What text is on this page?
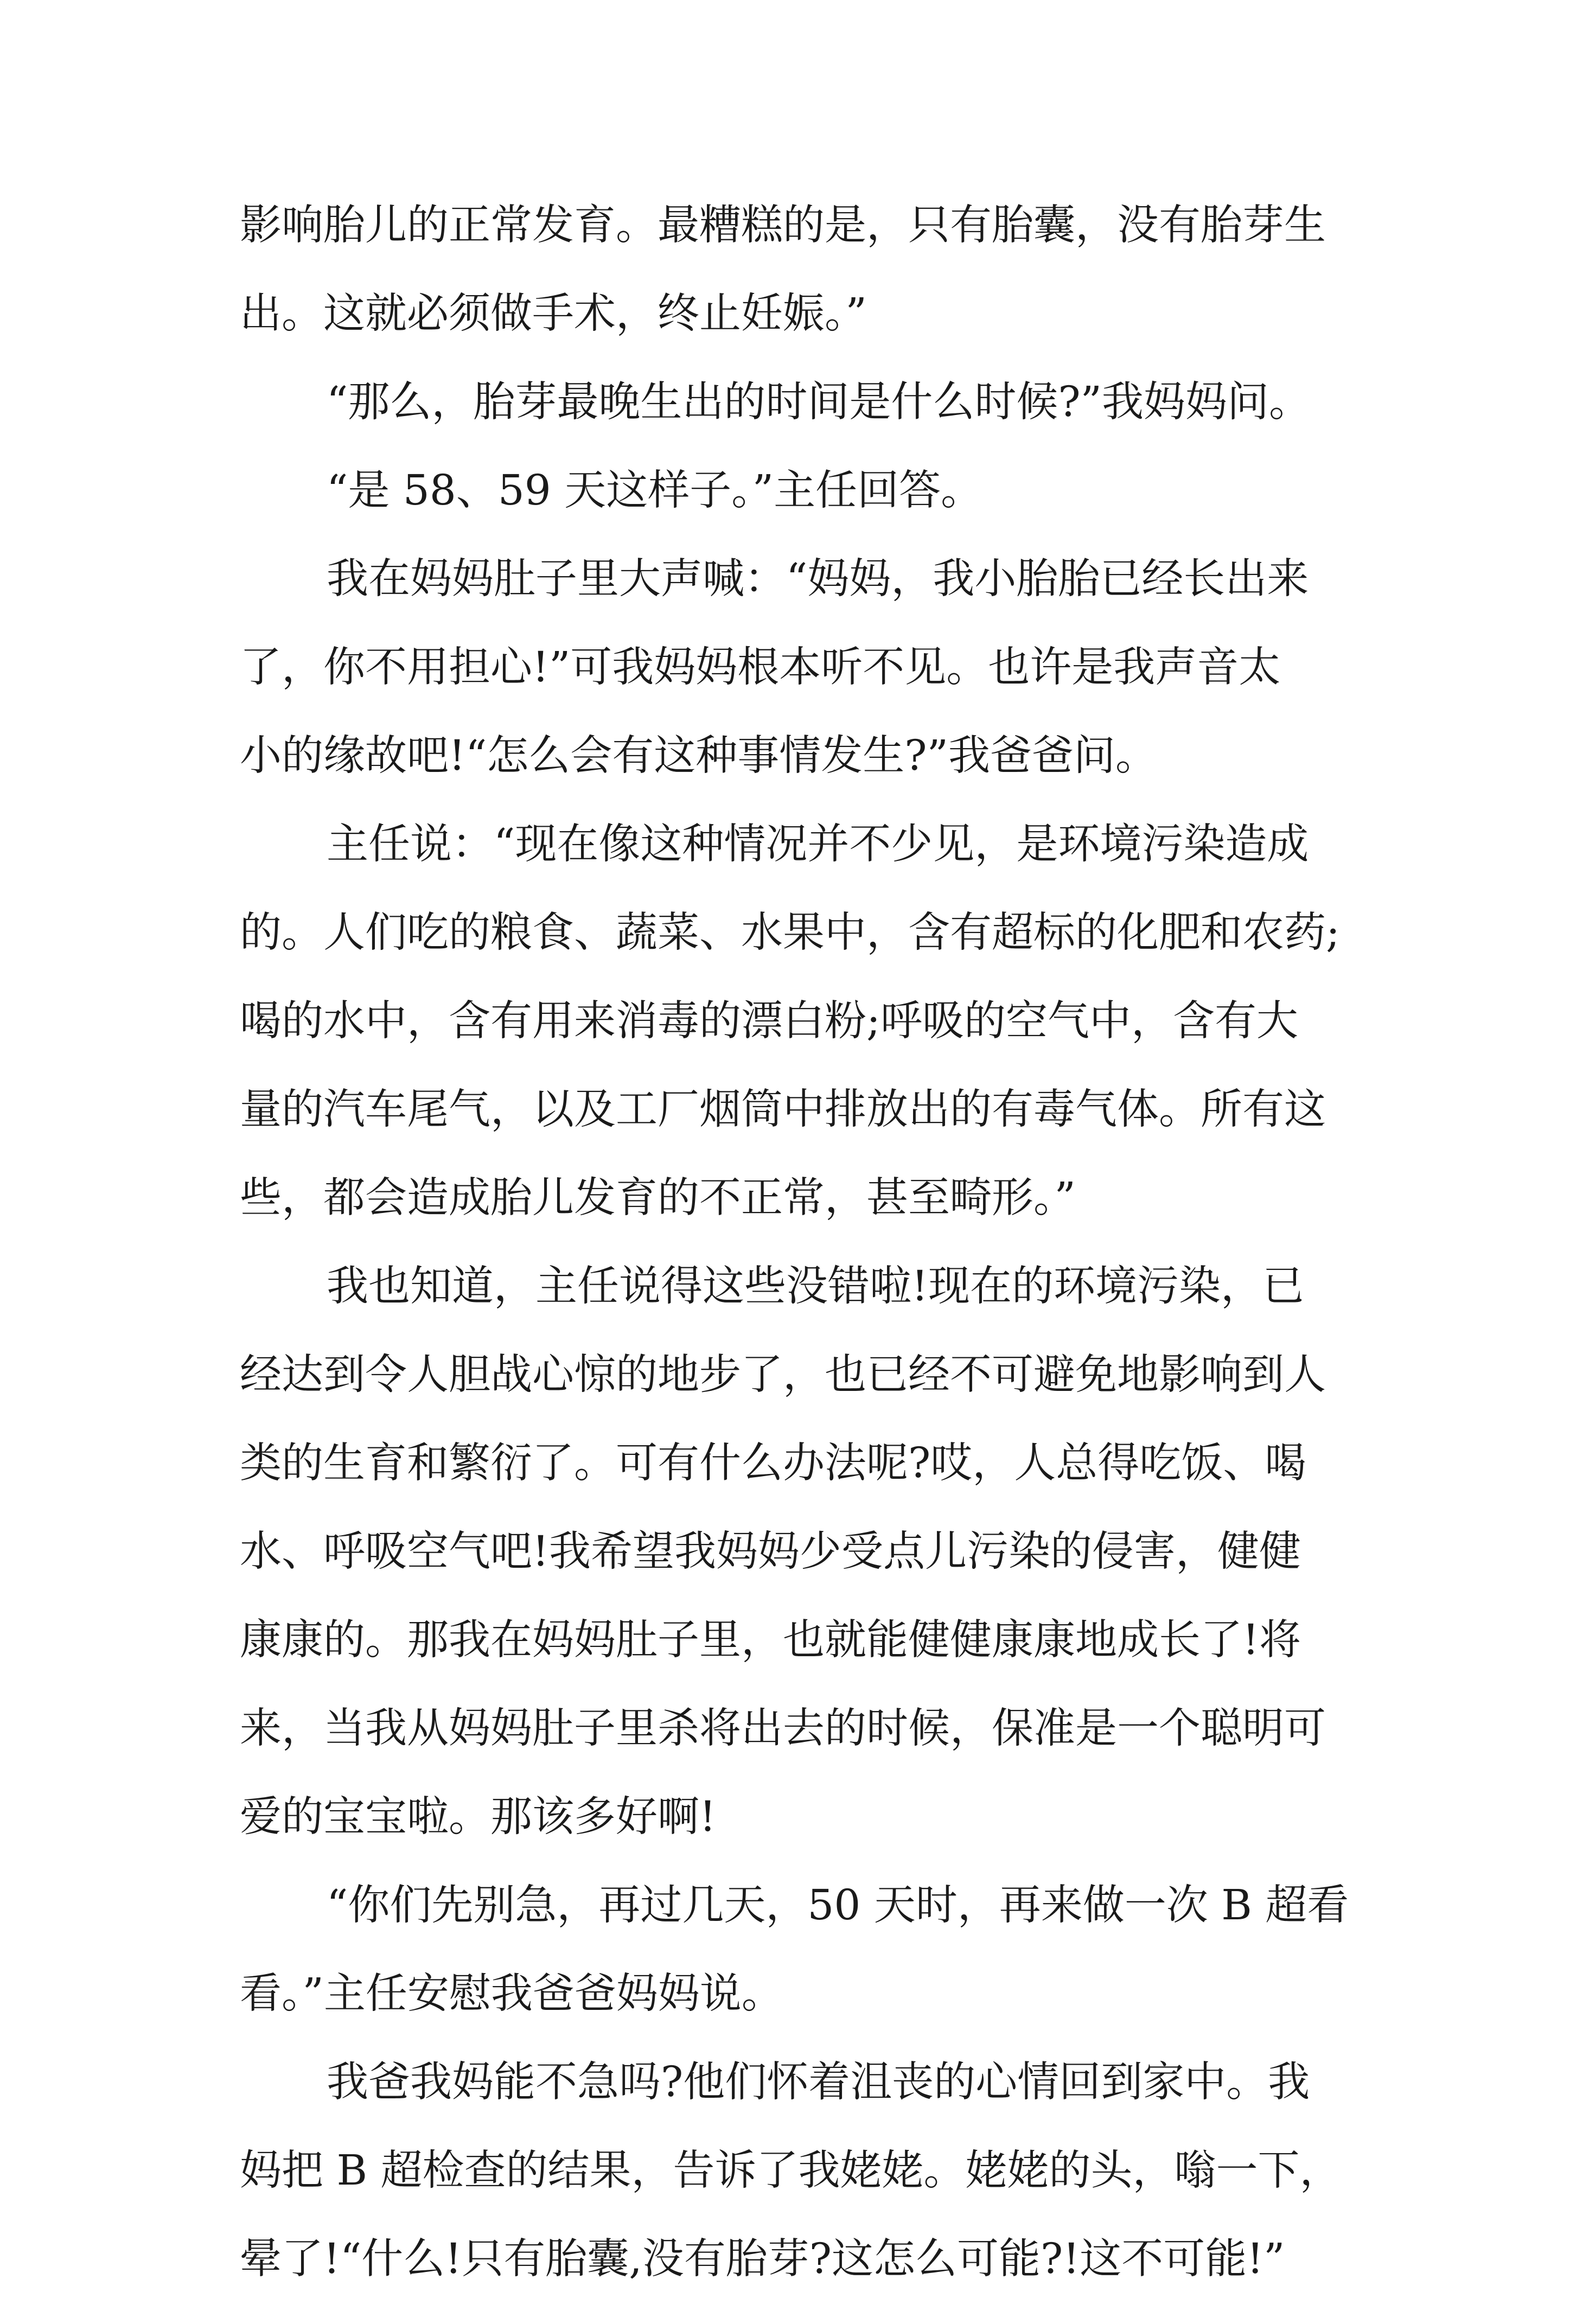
影响胎儿的正常发育。最糟糕的是，只有胎囊，没有胎芽生
出。这就必须做手术，终止妊娠。”
“那么，胎芽最晚生出的时间是什么时候?”我妈妈问。
“是 58、59 天这样子。”主任回答。
我在妈妈肚子里大声喊：“妈妈，我小胎胎已经长出来
了，你不用担心!”可我妈妈根本听不见。也许是我声音太
小的缘故吧!“怎么会有这种事情发生?”我爸爸问。
主任说：“现在像这种情况并不少见，是环境污染造成
的。人们吃的粮食、蔬菜、水果中，含有超标的化肥和农药;
喝的水中，含有用来消毒的漂白粉;呼吸的空气中，含有大
量的汽车尾气，以及工厂烟筒中排放出的有毒气体。所有这
些，都会造成胎儿发育的不正常，甚至畸形。”
我也知道，主任说得这些没错啦!现在的环境污染，已
经达到令人胆战心惊的地步了，也已经不可避免地影响到人
类的生育和繁衍了。可有什么办法呢?哎，人总得吃饭、喝
水、呼吸空气吧!我希望我妈妈少受点儿污染的侵害，健健
康康的。那我在妈妈肚子里，也就能健健康康地成长了!将
来，当我从妈妈肚子里杀将出去的时候，保准是一个聪明可
爱的宝宝啦。那该多好啊!
“你们先别急，再过几天，50 天时，再来做一次 B 超看
看。”主任安慰我爸爸妈妈说。
我爸我妈能不急吗?他们怀着沮丧的心情回到家中。我
妈把 B 超检查的结果，告诉了我姥姥。姥姥的头，嗡一下，
晕了!“什么!只有胎囊,没有胎芽?这怎么可能?!这不可能!”
